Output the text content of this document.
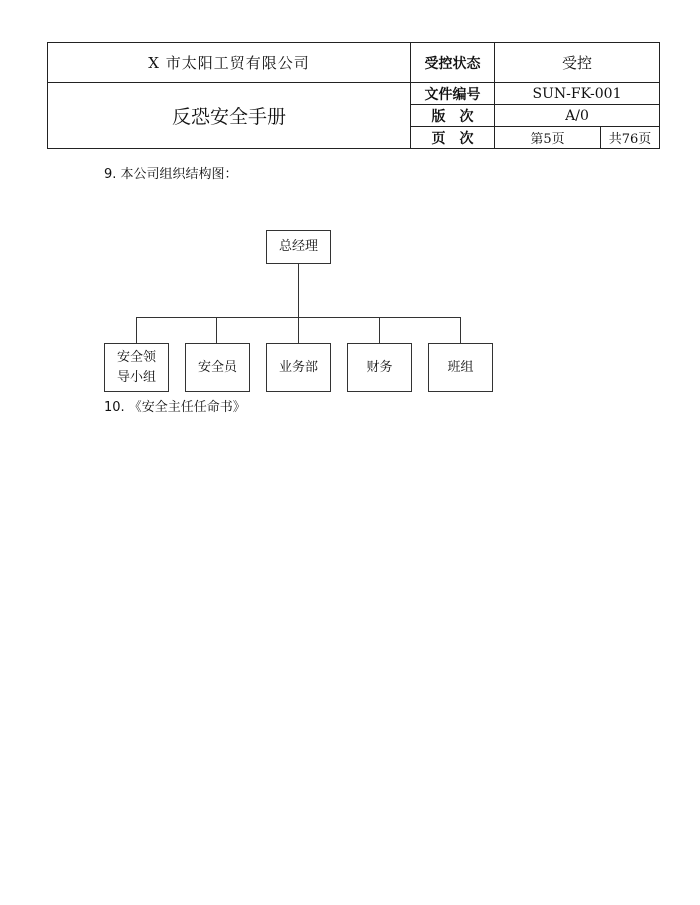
X 市太阳工贸有限公司	受控状态	受控
反恐安全手册	文件编号	SUN-FK-001
	版　次	A/0
	页　次	第5页 共76页
9. 本公司组织结构图：
总经理
安全领导小组
安全员	业务部	财务	班组
10. 《安全主任任命书》
